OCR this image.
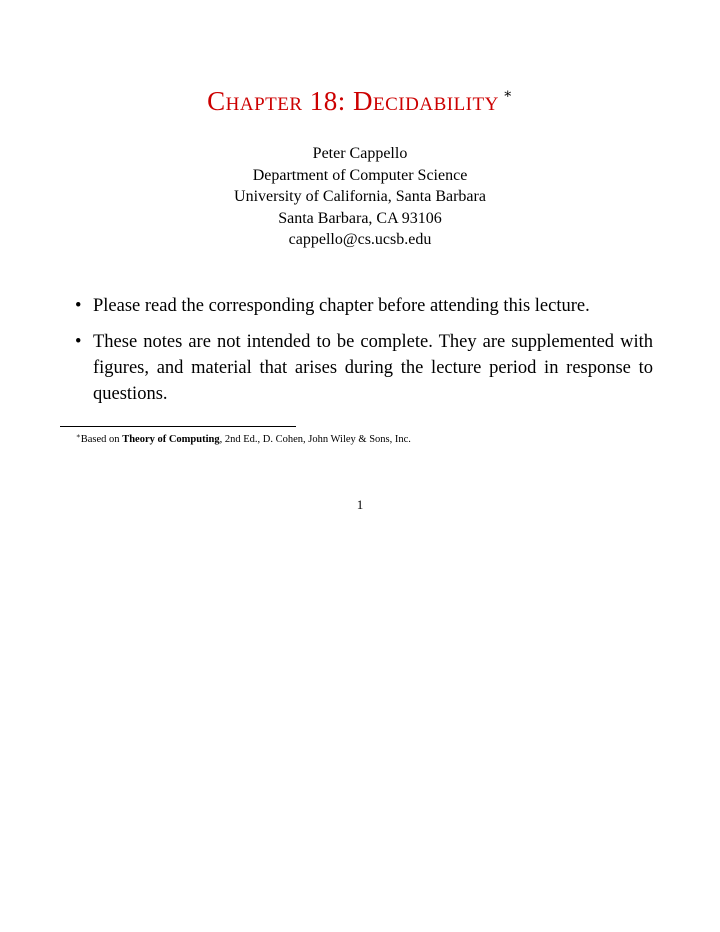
Chapter 18: Decidability ∗
Peter Cappello
Department of Computer Science
University of California, Santa Barbara
Santa Barbara, CA 93106
cappello@cs.ucsb.edu
• Please read the corresponding chapter before attending this lecture.
• These notes are not intended to be complete. They are supplemented with figures, and material that arises during the lecture period in response to questions.
∗Based on Theory of Computing, 2nd Ed., D. Cohen, John Wiley & Sons, Inc.
1
